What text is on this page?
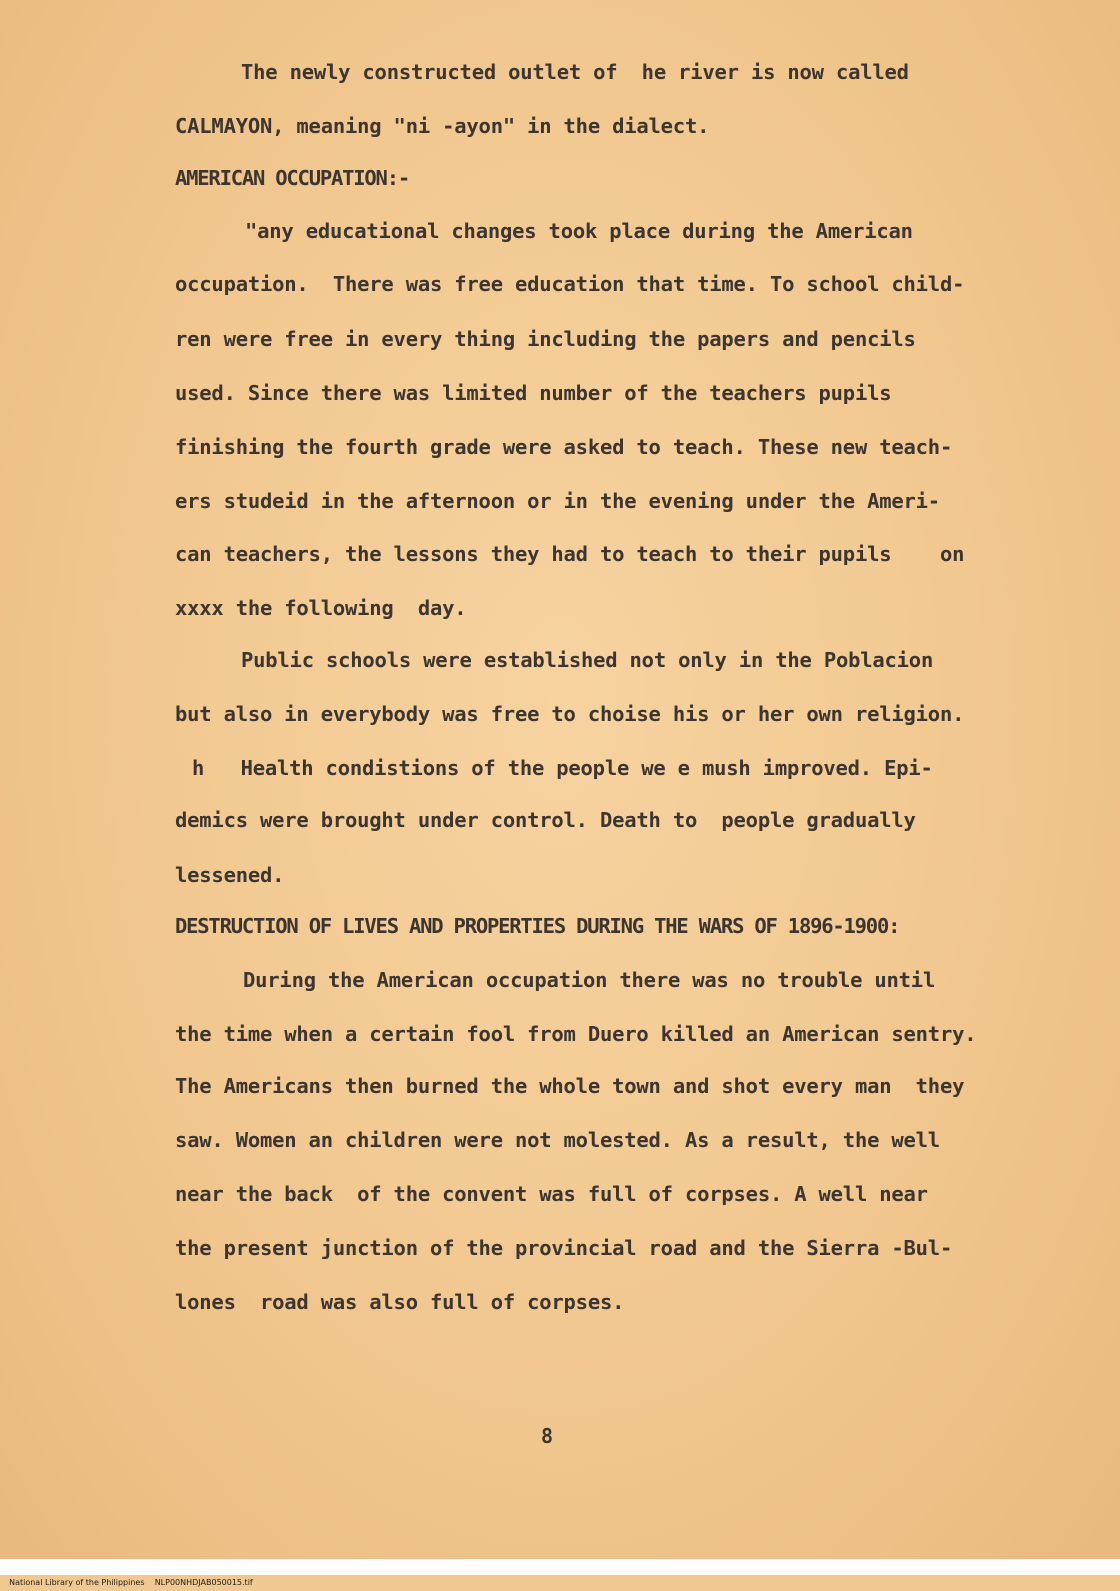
The newly constructed outlet of  he river is now called

CALMAYON, meaning "ni -ayon" in the dialect.

AMERICAN OCCUPATION:-

"any educational changes took place during the American

occupation.  There was free education that time. To school child-

ren were free in every thing including the papers and pencils

used. Since there was limited number of the teachers pupils

finishing the fourth grade were asked to teach. These new teach-

ers studeid in the afternoon or in the evening under the Ameri-

can teachers, the lessons they had to teach to their pupils    on

xxxx the following  day.

Public schools were established not only in the Poblacion

but also in everybody was free to choise his or her own religion.

h   Health condistions of the people we e mush improved. Epi-

demics were brought under control. Death to  people gradually

lessened.

DESTRUCTION OF LIVES AND PROPERTIES DURING THE WARS OF 1896-1900:

During the American occupation there was no trouble until

the time when a certain fool from Duero killed an American sentry.

The Americans then burned the whole town and shot every man  they

saw. Women an children were not molested. As a result, the well

near the back  of the convent was full of corpses. A well near

the present junction of the provincial road and the Sierra -Bul-

lones  road was also full of corpses.

8

National Library of the Philippines    NLP00NHDJAB050015.tif
